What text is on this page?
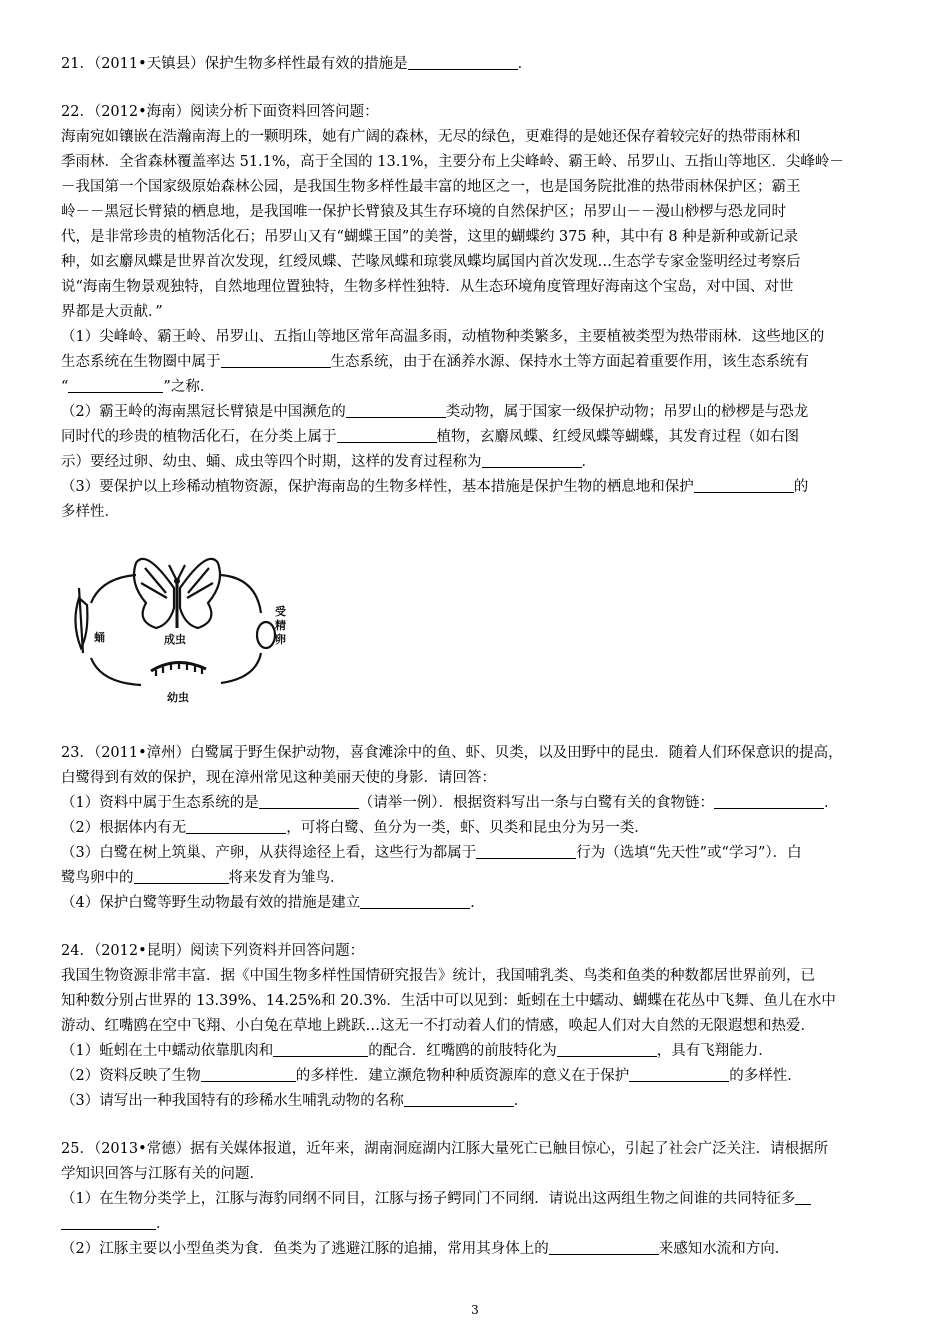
21．（2011•天镇县）保护生物多样性最有效的措施是	．
22．（2012•海南）阅读分析下面资料回答问题：
海南宛如镶嵌在浩瀚南海上的一颗明珠，她有广阔的森林，无尽的绿色，更难得的是她还保存着较完好的热带雨林和
季雨林．全省森林覆盖率达 51.1%，高于全国的 13.1%，主要分布上尖峰岭、霸王岭、吊罗山、五指山等地区．尖峰岭－
－我国第一个国家级原始森林公园，是我国生物多样性最丰富的地区之一，也是国务院批准的热带雨林保护区；霸王
岭－－黑冠长臂猿的栖息地，是我国唯一保护长臂猿及其生存环境的自然保护区；吊罗山－－漫山桫椤与恐龙同时
代，是非常珍贵的植物活化石；吊罗山又有“蝴蝶王国”的美誉，这里的蝴蝶约 375 种，其中有 8 种是新种或新记录
种，如玄麝凤蝶是世界首次发现，红绶凤蝶、芒喙凤蝶和琼裳凤蝶均属国内首次发现…生态学专家金鉴明经过考察后
说“海南生物景观独特，自然地理位置独特，生物多样性独特．从生态环境角度管理好海南这个宝岛，对中国、对世
界都是大贡献．”
（1）尖峰岭、霸王岭、吊罗山、五指山等地区常年高温多雨，动植物种类繁多，主要植被类型为热带雨林．这些地区的
生态系统在生物圈中属于	生态系统，由于在涵养水源、保持水土等方面起着重要作用，该生态系统有
“	”之称．
（2）霸王岭的海南黑冠长臂猿是中国濒危的	类动物，属于国家一级保护动物；吊罗山的桫椤是与恐龙
同时代的珍贵的植物活化石，在分类上属于	植物，玄麝凤蝶、红绶凤蝶等蝴蝶，其发育过程（如右图
示）要经过卵、幼虫、蛹、成虫等四个时期，这样的发育过程称为	．
（3）要保护以上珍稀动植物资源，保护海南岛的生物多样性，基本措施是保护生物的栖息地和保护	的
多样性．
蛹	成虫
受
精
卵
幼虫
23．（2011•漳州）白鹭属于野生保护动物，喜食滩涂中的鱼、虾、贝类，以及田野中的昆虫．随着人们环保意识的提高，
白鹭得到有效的保护，现在漳州常见这种美丽天使的身影．请回答：
（1）资料中属于生态系统的是	（请举一例）．根据资料写出一条与白鹭有关的食物链：	．
（2）根据体内有无	，可将白鹭、鱼分为一类，虾、贝类和昆虫分为另一类．
（3）白鹭在树上筑巢、产卵，从获得途径上看，这些行为都属于	行为（选填“先天性”或“学习”）．白
鹭鸟卵中的	将来发育为雏鸟．
（4）保护白鹭等野生动物最有效的措施是建立	．
24．（2012•昆明）阅读下列资料并回答问题：
我国生物资源非常丰富．据《中国生物多样性国情研究报告》统计，我国哺乳类、鸟类和鱼类的种数都居世界前列，已
知种数分别占世界的 13.39%、14.25%和 20.3%．生活中可以见到：蚯蚓在土中蠕动、蝴蝶在花丛中飞舞、鱼儿在水中
游动、红嘴鸥在空中飞翔、小白兔在草地上跳跃…这无一不打动着人们的情感，唤起人们对大自然的无限遐想和热爱．
（1）蚯蚓在土中蠕动依靠肌肉和	的配合．红嘴鸥的前肢特化为	，具有飞翔能力．
（2）资料反映了生物	的多样性．建立濒危物种种质资源库的意义在于保护	的多样性．
（3）请写出一种我国特有的珍稀水生哺乳动物的名称	．
25．（2013•常德）据有关媒体报道，近年来，湖南洞庭湖内江豚大量死亡已触目惊心，引起了社会广泛关注．请根据所
学知识回答与江豚有关的问题．
（1）在生物分类学上，江豚与海豹同纲不同目，江豚与扬子鳄同门不同纲．请说出这两组生物之间谁的共同特征多
．
（2）江豚主要以小型鱼类为食．鱼类为了逃避江豚的追捕，常用其身体上的	来感知水流和方向．
3
